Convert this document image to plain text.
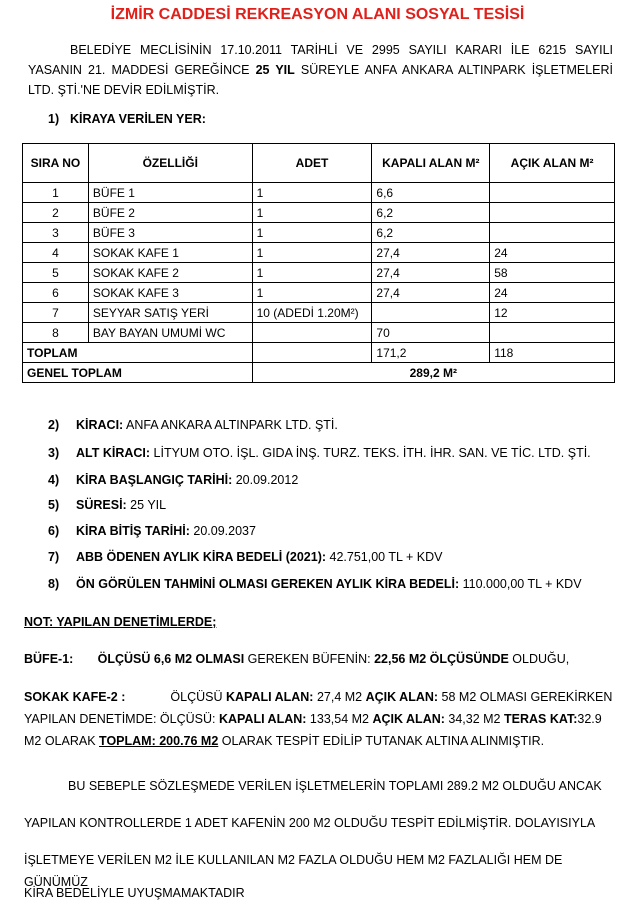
İZMİR CADDESİ REKREASYON ALANI SOSYAL TESİSİ
BELEDİYE MECLİSİNİN 17.10.2011 TARİHLİ VE 2995 SAYILI KARARI İLE 6215 SAYILI YASANIN 21. MADDESİ GEREĞİNCE 25 YIL SÜREYLE ANFA ANKARA ALTINPARK İŞLETMELERİ LTD. ŞTİ.'NE DEVİR EDİLMİŞTİR.
1) KİRAYA VERİLEN YER:
SIRA NO	ÖZELLİĞİ	ADET	KAPALI ALAN M²	AÇIK ALAN M²
1	BÜFE 1	1	6,6	
2	BÜFE 2	1	6,2	
3	BÜFE 3	1	6,2	
4	SOKAK KAFE 1	1	27,4	24
5	SOKAK KAFE 2	1	27,4	58
6	SOKAK KAFE 3	1	27,4	24
7	SEYYAR SATIŞ YERİ	10 (ADEDİ 1.20M²)		12
8	BAY BAYAN UMUMİ WC		70	
TOPLAM			171,2	118
GENEL TOPLAM		289,2 M²		
2) KİRACI: ANFA ANKARA ALTINPARK LTD. ŞTİ.
3) ALT KİRACI: LİTYUM OTO. İŞL. GIDA İNŞ. TURZ. TEKS. İTH. İHR. SAN. VE TİC. LTD. ŞTİ.
4) KİRA BAŞLANGIÇ TARİHİ: 20.09.2012
5) SÜRESİ: 25 YIL
6) KİRA BİTİŞ TARİHİ: 20.09.2037
7) ABB ÖDENEN AYLIK KİRA BEDELİ (2021): 42.751,00 TL + KDV
8) ÖN GÖRÜLEN TAHMİNİ OLMASI GEREKEN AYLIK KİRA BEDELİ: 110.000,00 TL + KDV
NOT: YAPILAN DENETİMLERDE;
BÜFE-1: ÖLÇÜSÜ 6,6 M2 OLMASI GEREKEN BÜFENİN: 22,56 M2 ÖLÇÜSÜNDE OLDUĞU,
SOKAK KAFE-2 :	ÖLÇÜSÜ KAPALI ALAN: 27,4 M2 AÇIK ALAN: 58 M2 OLMASI GEREKİRKEN YAPILAN DENETİMDE: ÖLÇÜSÜ: KAPALI ALAN: 133,54 M2 AÇIK ALAN: 34,32 M2 TERAS KAT:32.9 M2 OLARAK TOPLAM: 200.76 M2 OLARAK TESPİT EDİLİP TUTANAK ALTINA ALINMIŞTIR.
BU SEBEPLE SÖZLEŞMEDE VERİLEN İŞLETMELERİN TOPLAMI 289.2 M2 OLDUĞU ANCAK
YAPILAN KONTROLLERDE 1 ADET KAFENİN 200 M2 OLDUĞU TESPİT EDİLMİŞTİR. DOLAYISIYLA
İŞLETMEYE VERİLEN M2 İLE KULLANILAN M2 FAZLA OLDUĞU HEM M2 FAZLALIĞI HEM DE GÜNÜMÜZ
KİRA BEDELİYLE UYUŞMAMAKTADIR
